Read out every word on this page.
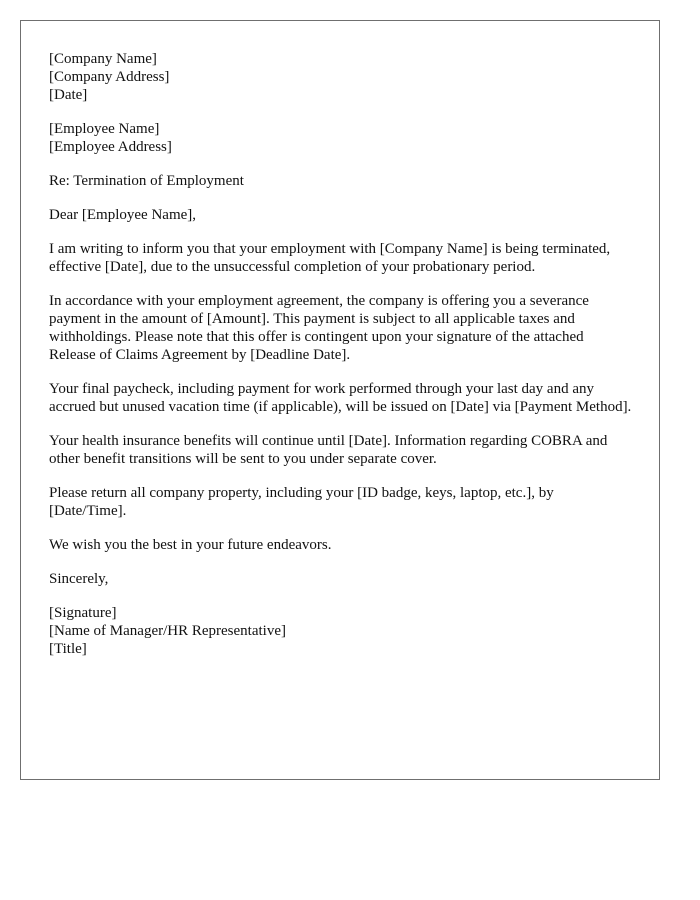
[Company Name]
[Company Address]
[Date]
[Employee Name]
[Employee Address]

Re: Termination of Employment

Dear [Employee Name],

I am writing to inform you that your employment with [Company Name] is being terminated, effective [Date], due to the unsuccessful completion of your probationary period.

In accordance with your employment agreement, the company is offering you a severance payment in the amount of [Amount]. This payment is subject to all applicable taxes and withholdings. Please note that this offer is contingent upon your signature of the attached Release of Claims Agreement by [Deadline Date].

Your final paycheck, including payment for work performed through your last day and any accrued but unused vacation time (if applicable), will be issued on [Date] via [Payment Method].

Your health insurance benefits will continue until [Date]. Information regarding COBRA and other benefit transitions will be sent to you under separate cover.

Please return all company property, including your [ID badge, keys, laptop, etc.], by [Date/Time].

We wish you the best in your future endeavors.

Sincerely,

[Signature]
[Name of Manager/HR Representative]
[Title]
